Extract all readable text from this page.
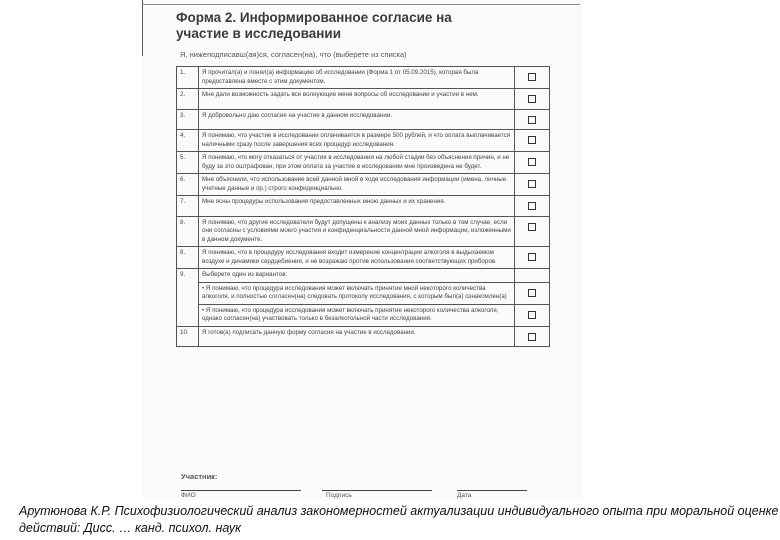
Форма 2. Информированное согласие на участие в исследовании
Я, нижеподписавш(ая)ся, согласен(на), что (выберете из списка)
1.	Я прочитал(а) и понял(а) информацию об исследовании (Форма 1 от 05.09.2015), которая была предоставлена вместе с этим документом.	
2.	Мне дали возможность задать все волнующие меня вопросы об исследовании и участии в нем.	
3.	Я добровольно даю согласие на участие в данном исследовании.	
4.	Я понимаю, что участие в исследовании оплачивается в размере 500 рублей, и что оплата выплачивается наличными сразу после завершения всех процедур исследования.	
5.	Я понимаю, что могу отказаться от участия в исследовании на любой стадии без объяснения причин, и не буду за это оштрафован, при этом оплата за участие в исследовании мне произведена не будет.	
6.	Мне объяснили, что использование всей данной мной в ходе исследования информации (имена, личные учетные данные и пр.) строго конфиденциально.	
7.	Мне ясны процедуры использования предоставленных мною данных и их хранения.	
8.	Я понимаю, что другие исследователи будут допущены к анализу моих данных только в том случае, если они согласны с условиями моего участия и конфиденциальности данной мной информации, изложенными в данном документе.	
8.	Я понимаю, что в процедуру исследования входит измерение концентрации алкоголя в выдыхаемом воздухе и динамики сердцебиения, и не возражаю против использования соответствующих приборов.	
9.	Выберете один из вариантов:	
	• Я понимаю, что процедура исследования может включать принятие мной некоторого количества алкоголя, и полностью согласен(на) следовать протоколу исследования, с которым был(а) ознакомлен(а)	
	• Я понимаю, что процедура исследования может включать принятие некоторого количества алкоголя, однако согласен(на) участвовать только в безалкогольной части исследования.	
10.	Я готов(а) подписать данную форму согласия на участие в исследовании.	
Участник:
ФИО	Подпись	Дата
Арутюнова К.Р. Психофизиологический анализ закономерностей актуализации индивидуального опыта при моральной оценке действий: Дисс. … канд. психол. наук
